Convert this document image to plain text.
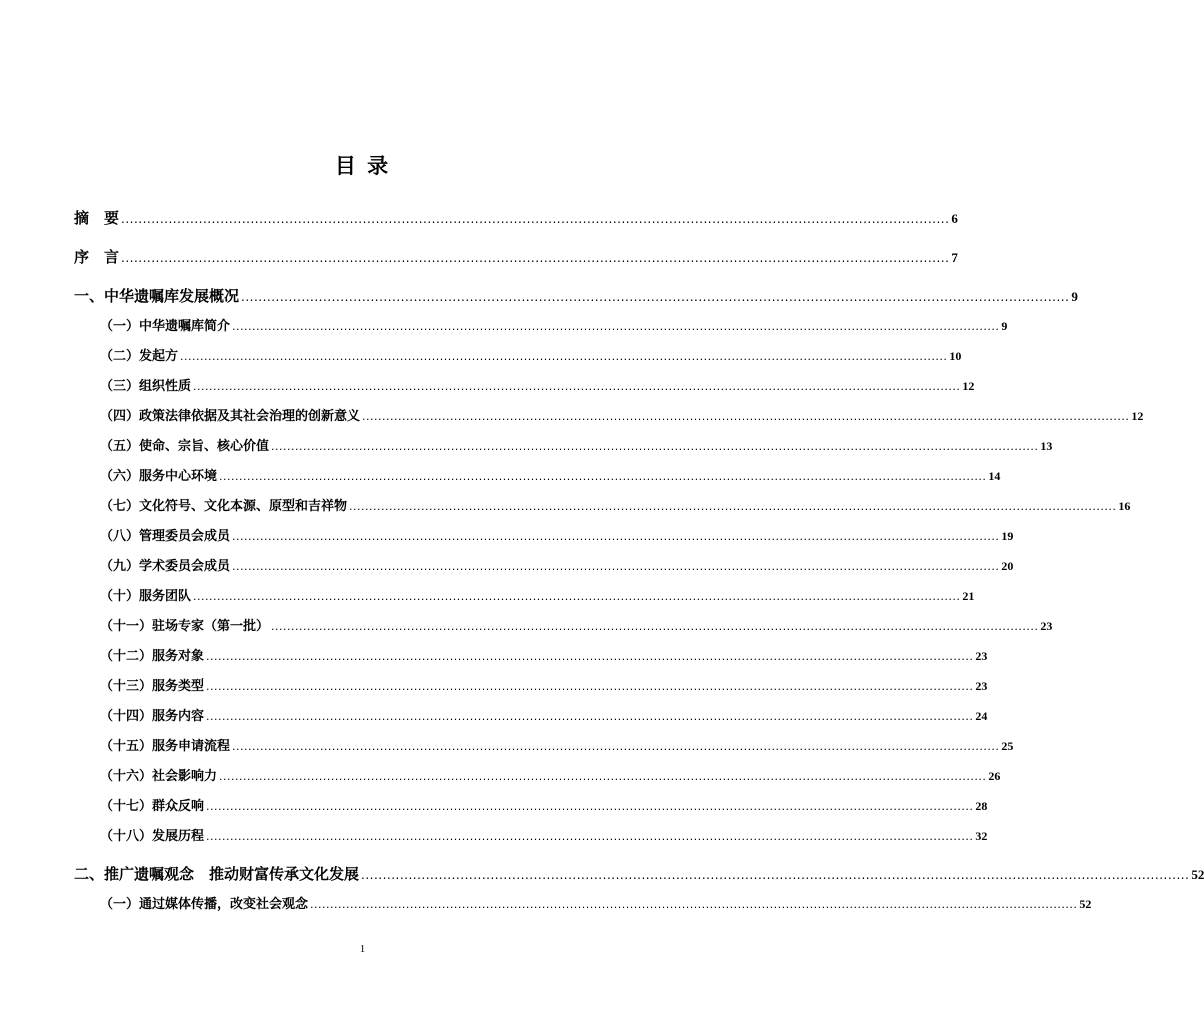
目 录
摘　要 ................................................................................................................................................................................................ 6
序　言 ................................................................................................................................................................................................ 7
一、中华遗嘱库发展概况 ................................................................................................................................................................................................ 9
（一）中华遗嘱库简介 ................................................................................................................................................................................................ 9
（二）发起方 ................................................................................................................................................................................................ 10
（三）组织性质 ................................................................................................................................................................................................ 12
（四）政策法律依据及其社会治理的创新意义 ................................................................................................................................................................................................ 12
（五）使命、宗旨、核心价值 ................................................................................................................................................................................................ 13
（六）服务中心环境 ................................................................................................................................................................................................ 14
（七）文化符号、文化本源、原型和吉祥物 ................................................................................................................................................................................................ 16
（八）管理委员会成员 ................................................................................................................................................................................................ 19
（九）学术委员会成员 ................................................................................................................................................................................................ 20
（十）服务团队 ................................................................................................................................................................................................ 21
（十一）驻场专家（第一批） ................................................................................................................................................................................................ 23
（十二）服务对象 ................................................................................................................................................................................................ 23
（十三）服务类型 ................................................................................................................................................................................................ 23
（十四）服务内容 ................................................................................................................................................................................................ 24
（十五）服务申请流程 ................................................................................................................................................................................................ 25
（十六）社会影响力 ................................................................................................................................................................................................ 26
（十七）群众反响 ................................................................................................................................................................................................ 28
（十八）发展历程 ................................................................................................................................................................................................ 32
二、推广遗嘱观念　推动财富传承文化发展 ................................................................................................................................................................................................ 52
（一）通过媒体传播，改变社会观念 ................................................................................................................................................................................................ 52
1
